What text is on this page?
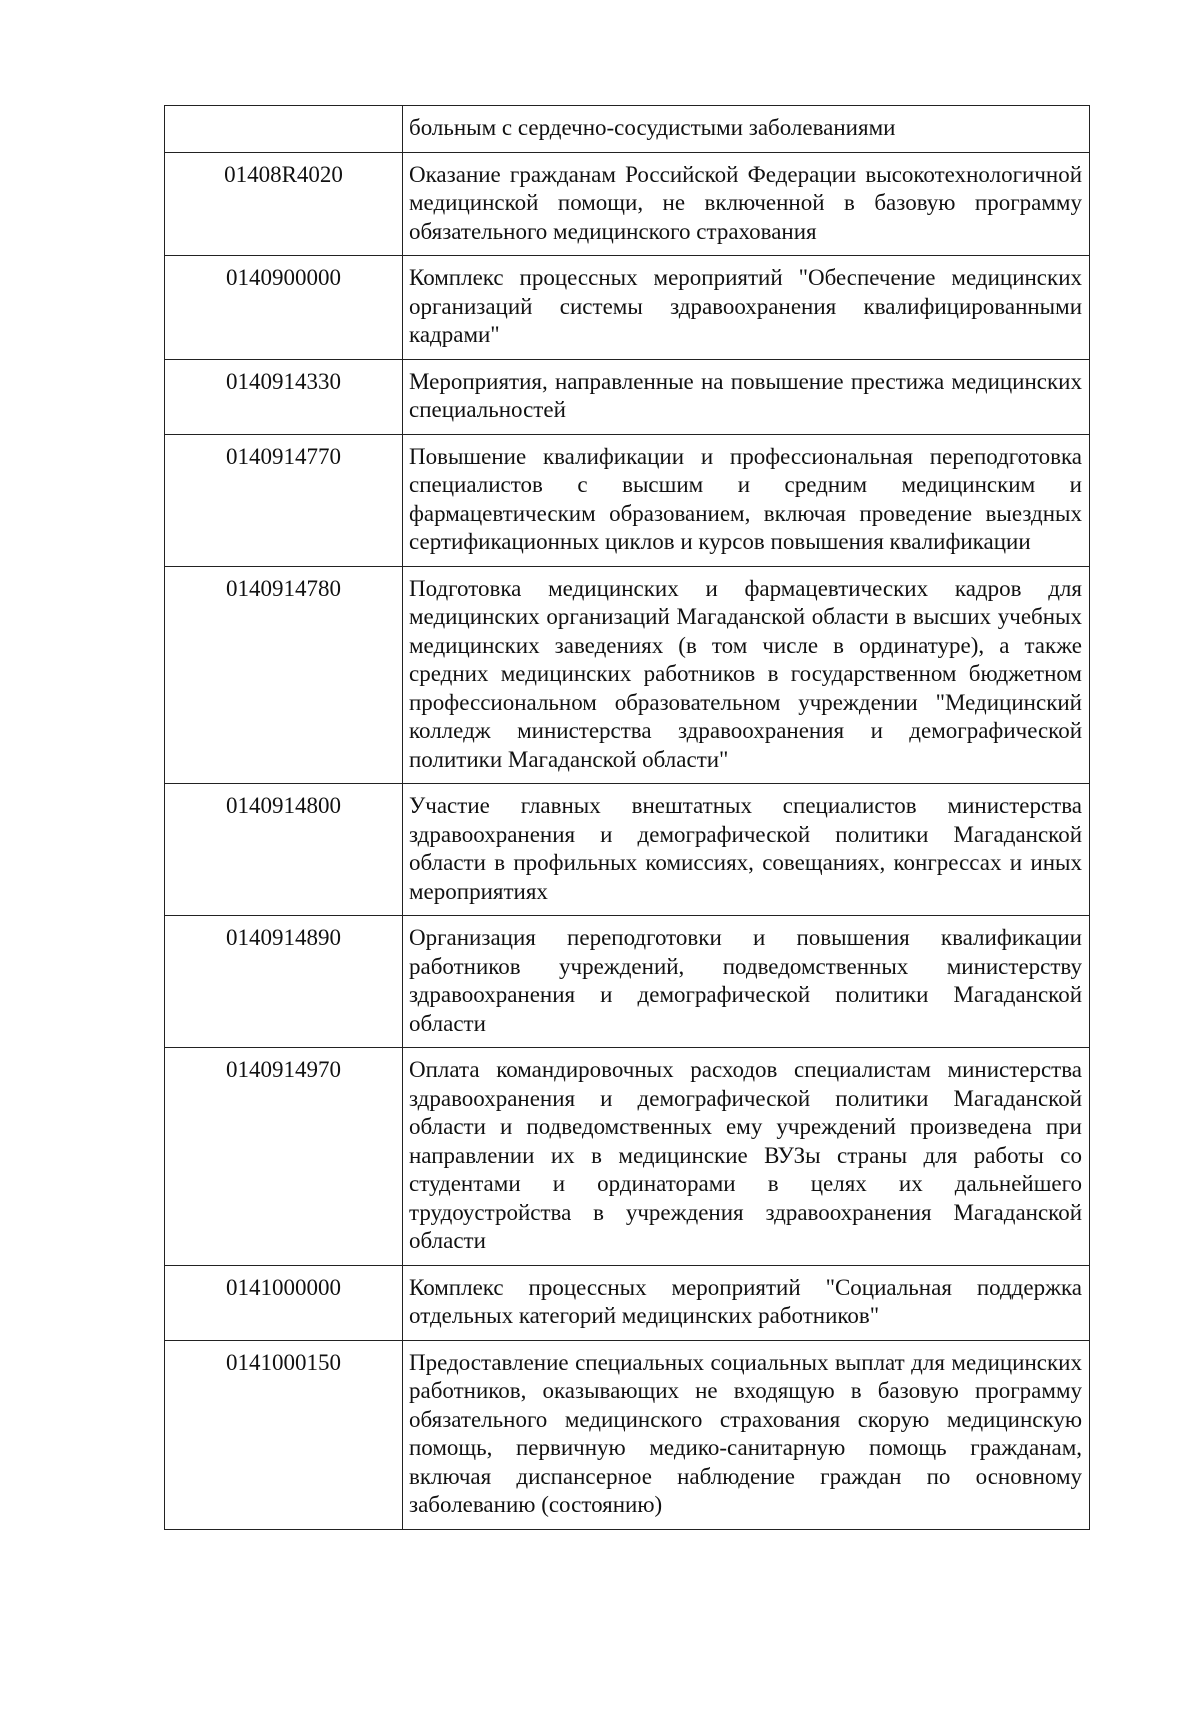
	больным с сердечно-сосудистыми заболеваниями
01408R4020	Оказание гражданам Российской Федерации высокотехнологичной медицинской помощи, не включенной в базовую программу обязательного медицинского страхования
0140900000	Комплекс процессных мероприятий "Обеспечение медицинских организаций системы здравоохранения квалифицированными кадрами"
0140914330	Мероприятия, направленные на повышение престижа медицинских специальностей
0140914770	Повышение квалификации и профессиональная переподготовка специалистов с высшим и средним медицинским и фармацевтическим образованием, включая проведение выездных сертификационных циклов и курсов повышения квалификации
0140914780	Подготовка медицинских и фармацевтических кадров для медицинских организаций Магаданской области в высших учебных медицинских заведениях (в том числе в ординатуре), а также средних медицинских работников в государственном бюджетном профессиональном образовательном учреждении "Медицинский колледж министерства здравоохранения и демографической политики Магаданской области"
0140914800	Участие главных внештатных специалистов министерства здравоохранения и демографической политики Магаданской области в профильных комиссиях, совещаниях, конгрессах и иных мероприятиях
0140914890	Организация переподготовки и повышения квалификации работников учреждений, подведомственных министерству здравоохранения и демографической политики Магаданской области
0140914970	Оплата командировочных расходов специалистам министерства здравоохранения и демографической политики Магаданской области и подведомственных ему учреждений произведена при направлении их в медицинские ВУЗы страны для работы со студентами и ординаторами в целях их дальнейшего трудоустройства в учреждения здравоохранения Магаданской области
0141000000	Комплекс процессных мероприятий "Социальная поддержка отдельных категорий медицинских работников"
0141000150	Предоставление специальных социальных выплат для медицинских работников, оказывающих не входящую в базовую программу обязательного медицинского страхования скорую медицинскую помощь, первичную медико-санитарную помощь гражданам, включая диспансерное наблюдение граждан по основному заболеванию (состоянию)
